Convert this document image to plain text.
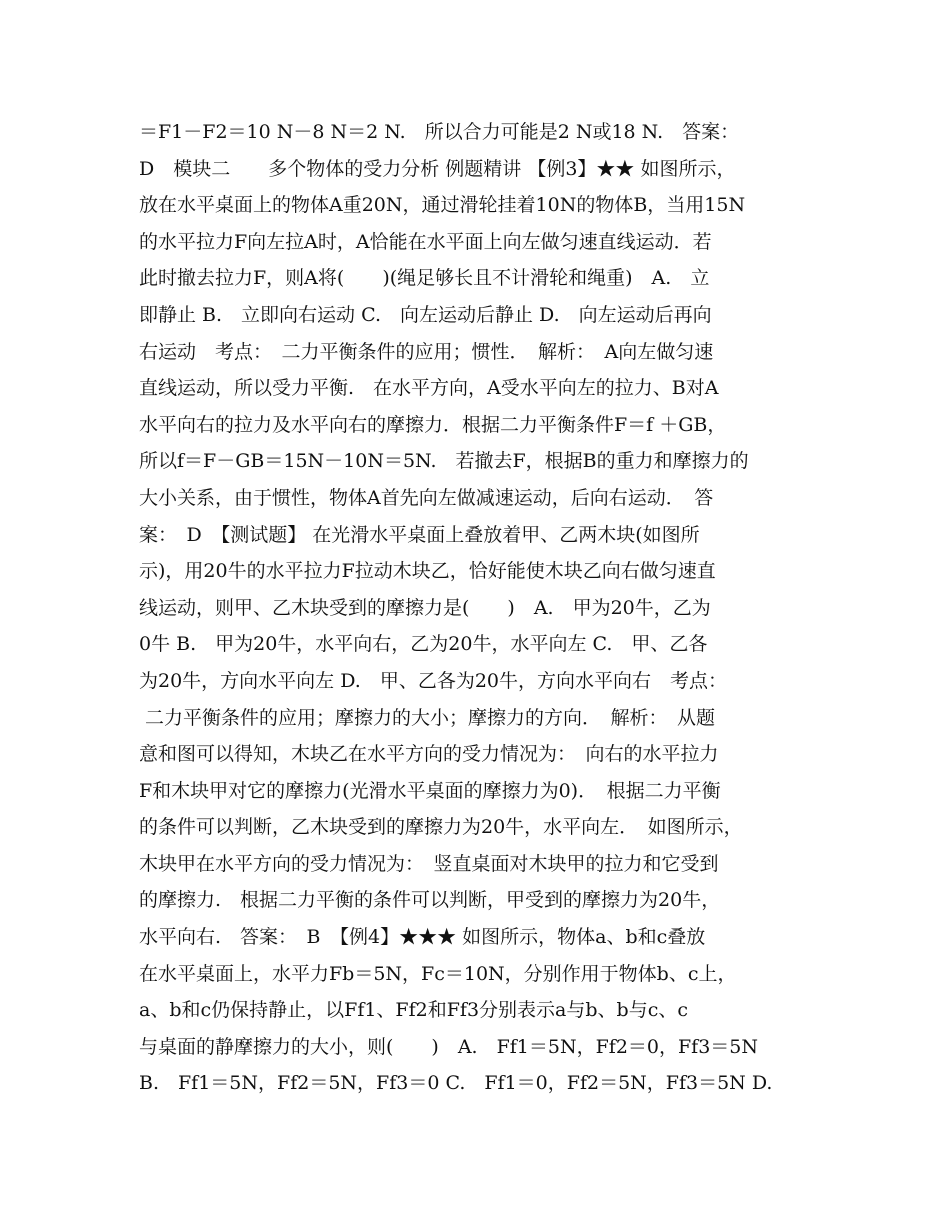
＝F1－F2＝10 N－8 N＝2 N.　所以合力可能是2 N或18 N.　答案：
D　模块二　　多个物体的受力分析 例题精讲 【例3】★★ 如图所示，
放在水平桌面上的物体A重20N，通过滑轮挂着10N的物体B，当用15N
的水平拉力F向左拉A时，A恰能在水平面上向左做匀速直线运动．若
此时撤去拉力F，则A将(　　)(绳足够长且不计滑轮和绳重)　A.　立
即静止 B.　立即向右运动 C.　向左运动后静止 D.　向左运动后再向
右运动　考点：　二力平衡条件的应用；惯性．　解析：　A向左做匀速
直线运动，所以受力平衡.　在水平方向，A受水平向左的拉力、B对A
水平向右的拉力及水平向右的摩擦力．根据二力平衡条件F＝f ＋GB，
所以f＝F－GB＝15N－10N＝5N.　若撤去F，根据B的重力和摩擦力的
大小关系，由于惯性，物体A首先向左做减速运动，后向右运动．　答
案：　D　【测试题】 在光滑水平桌面上叠放着甲、乙两木块(如图所
示)，用20牛的水平拉力F拉动木块乙，恰好能使木块乙向右做匀速直
线运动，则甲、乙木块受到的摩擦力是(　　)　A.　甲为20牛，乙为
0牛 B.　甲为20牛，水平向右，乙为20牛，水平向左 C.　甲、乙各
为20牛，方向水平向左 D.　甲、乙各为20牛，方向水平向右　考点：
二力平衡条件的应用；摩擦力的大小；摩擦力的方向．　解析：　从题
意和图可以得知，木块乙在水平方向的受力情况为：　向右的水平拉力
F和木块甲对它的摩擦力(光滑水平桌面的摩擦力为0)．　根据二力平衡
的条件可以判断，乙木块受到的摩擦力为20牛，水平向左．　如图所示，
木块甲在水平方向的受力情况为：　竖直桌面对木块甲的拉力和它受到
的摩擦力.　根据二力平衡的条件可以判断，甲受到的摩擦力为20牛，
水平向右.　答案：　B　【例4】★★★ 如图所示，物体a、b和c叠放
在水平桌面上，水平力Fb＝5N，Fc＝10N，分别作用于物体b、c上，
a、b和c仍保持静止，以Ff1、Ff2和Ff3分别表示a与b、b与c、c
与桌面的静摩擦力的大小，则(　　)　A.　Ff1＝5N，Ff2＝0，Ff3＝5N
B.　Ff1＝5N，Ff2＝5N，Ff3＝0 C.　Ff1＝0，Ff2＝5N，Ff3＝5N D.
